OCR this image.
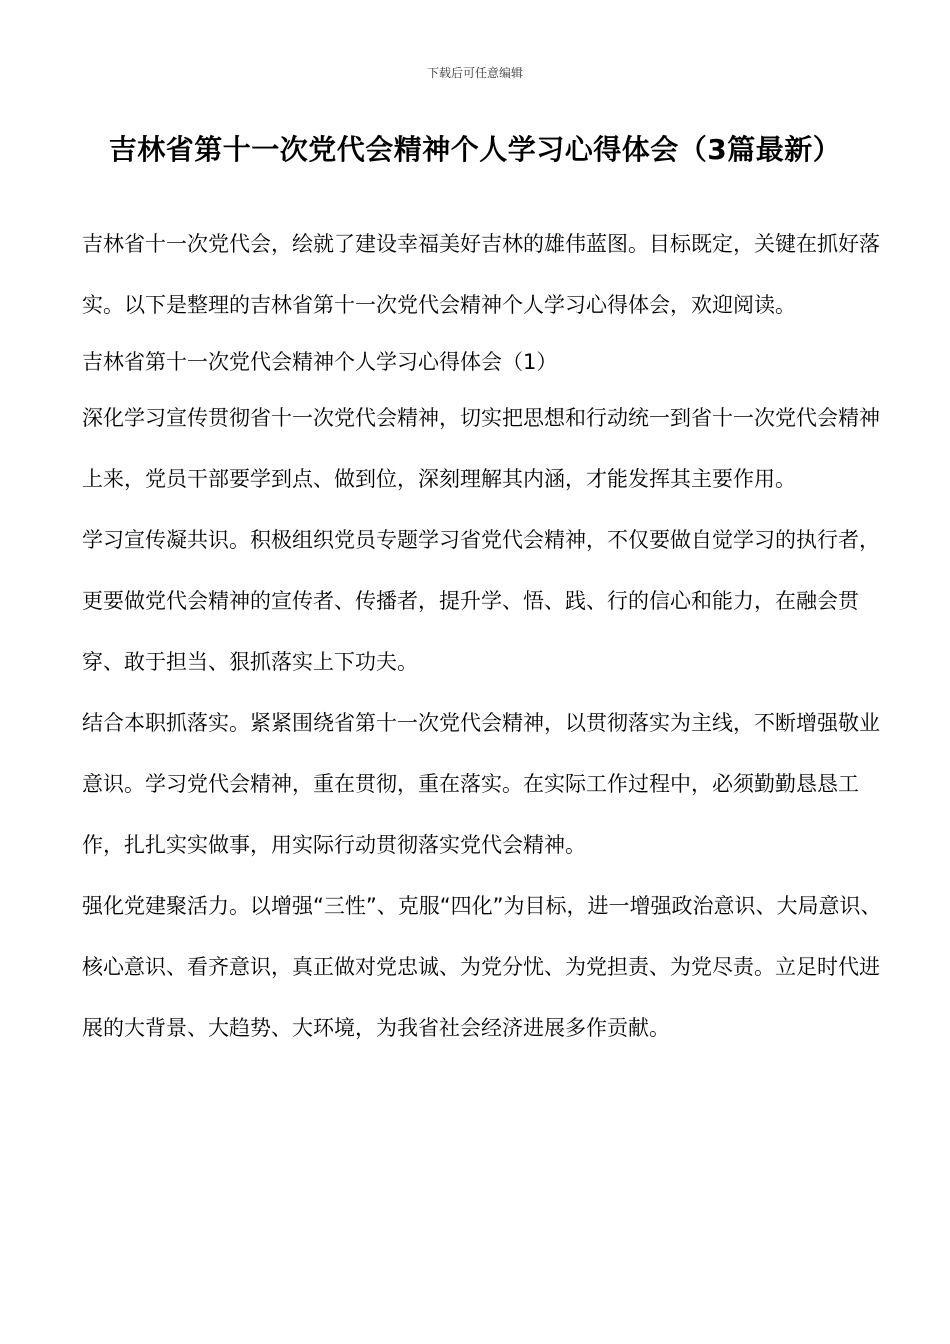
下载后可任意编辑
吉林省第十一次党代会精神个人学习心得体会（3篇最新）

吉林省十一次党代会，绘就了建设幸福美好吉林的雄伟蓝图。目标既定，关键在抓好落实。以下是整理的吉林省第十一次党代会精神个人学习心得体会，欢迎阅读。

吉林省第十一次党代会精神个人学习心得体会（1）

深化学习宣传贯彻省十一次党代会精神，切实把思想和行动统一到省十一次党代会精神上来，党员干部要学到点、做到位，深刻理解其内涵，才能发挥其主要作用。

学习宣传凝共识。积极组织党员专题学习省党代会精神，不仅要做自觉学习的执行者，更要做党代会精神的宣传者、传播者，提升学、悟、践、行的信心和能力，在融会贯穿、敢于担当、狠抓落实上下功夫。

结合本职抓落实。紧紧围绕省第十一次党代会精神，以贯彻落实为主线，不断增强敬业意识。学习党代会精神，重在贯彻，重在落实。在实际工作过程中，必须勤勤恳恳工作，扎扎实实做事，用实际行动贯彻落实党代会精神。

强化党建聚活力。以增强“三性”、克服“四化”为目标，进一增强政治意识、大局意识、核心意识、看齐意识，真正做对党忠诚、为党分忧、为党担责、为党尽责。立足时代进展的大背景、大趋势、大环境，为我省社会经济进展多作贡献。
